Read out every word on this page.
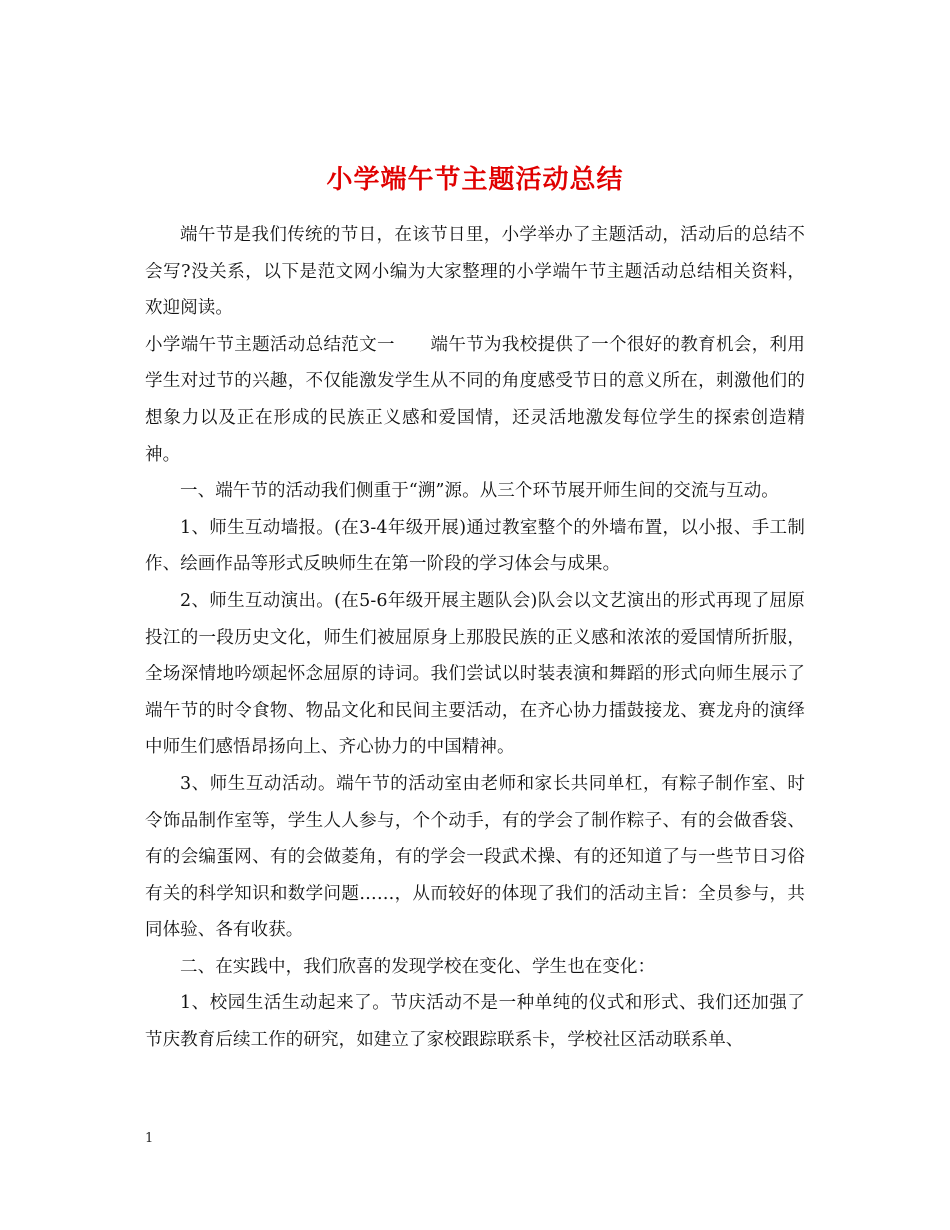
小学端午节主题活动总结

端午节是我们传统的节日，在该节日里，小学举办了主题活动，活动后的总结不会写?没关系，以下是范文网小编为大家整理的小学端午节主题活动总结相关资料，欢迎阅读。

小学端午节主题活动总结范文一　　端午节为我校提供了一个很好的教育机会，利用学生对过节的兴趣，不仅能激发学生从不同的角度感受节日的意义所在，刺激他们的想象力以及正在形成的民族正义感和爱国情，还灵活地激发每位学生的探索创造精神。

一、端午节的活动我们侧重于“溯”源。从三个环节展开师生间的交流与互动。

1、师生互动墙报。(在3-4年级开展)通过教室整个的外墙布置，以小报、手工制作、绘画作品等形式反映师生在第一阶段的学习体会与成果。

2、师生互动演出。(在5-6年级开展主题队会)队会以文艺演出的形式再现了屈原投江的一段历史文化，师生们被屈原身上那股民族的正义感和浓浓的爱国情所折服，全场深情地吟颂起怀念屈原的诗词。我们尝试以时装表演和舞蹈的形式向师生展示了端午节的时令食物、物品文化和民间主要活动，在齐心协力擂鼓接龙、赛龙舟的演绎中师生们感悟昂扬向上、齐心协力的中国精神。

3、师生互动活动。端午节的活动室由老师和家长共同单杠，有粽子制作室、时令饰品制作室等，学生人人参与，个个动手，有的学会了制作粽子、有的会做香袋、有的会编蛋网、有的会做菱角，有的学会一段武术操、有的还知道了与一些节日习俗有关的科学知识和数学问题……，从而较好的体现了我们的活动主旨：全员参与，共同体验、各有收获。

二、在实践中，我们欣喜的发现学校在变化、学生也在变化：

1、校园生活生动起来了。节庆活动不是一种单纯的仪式和形式、我们还加强了节庆教育后续工作的研究，如建立了家校跟踪联系卡，学校社区活动联系单、

1
